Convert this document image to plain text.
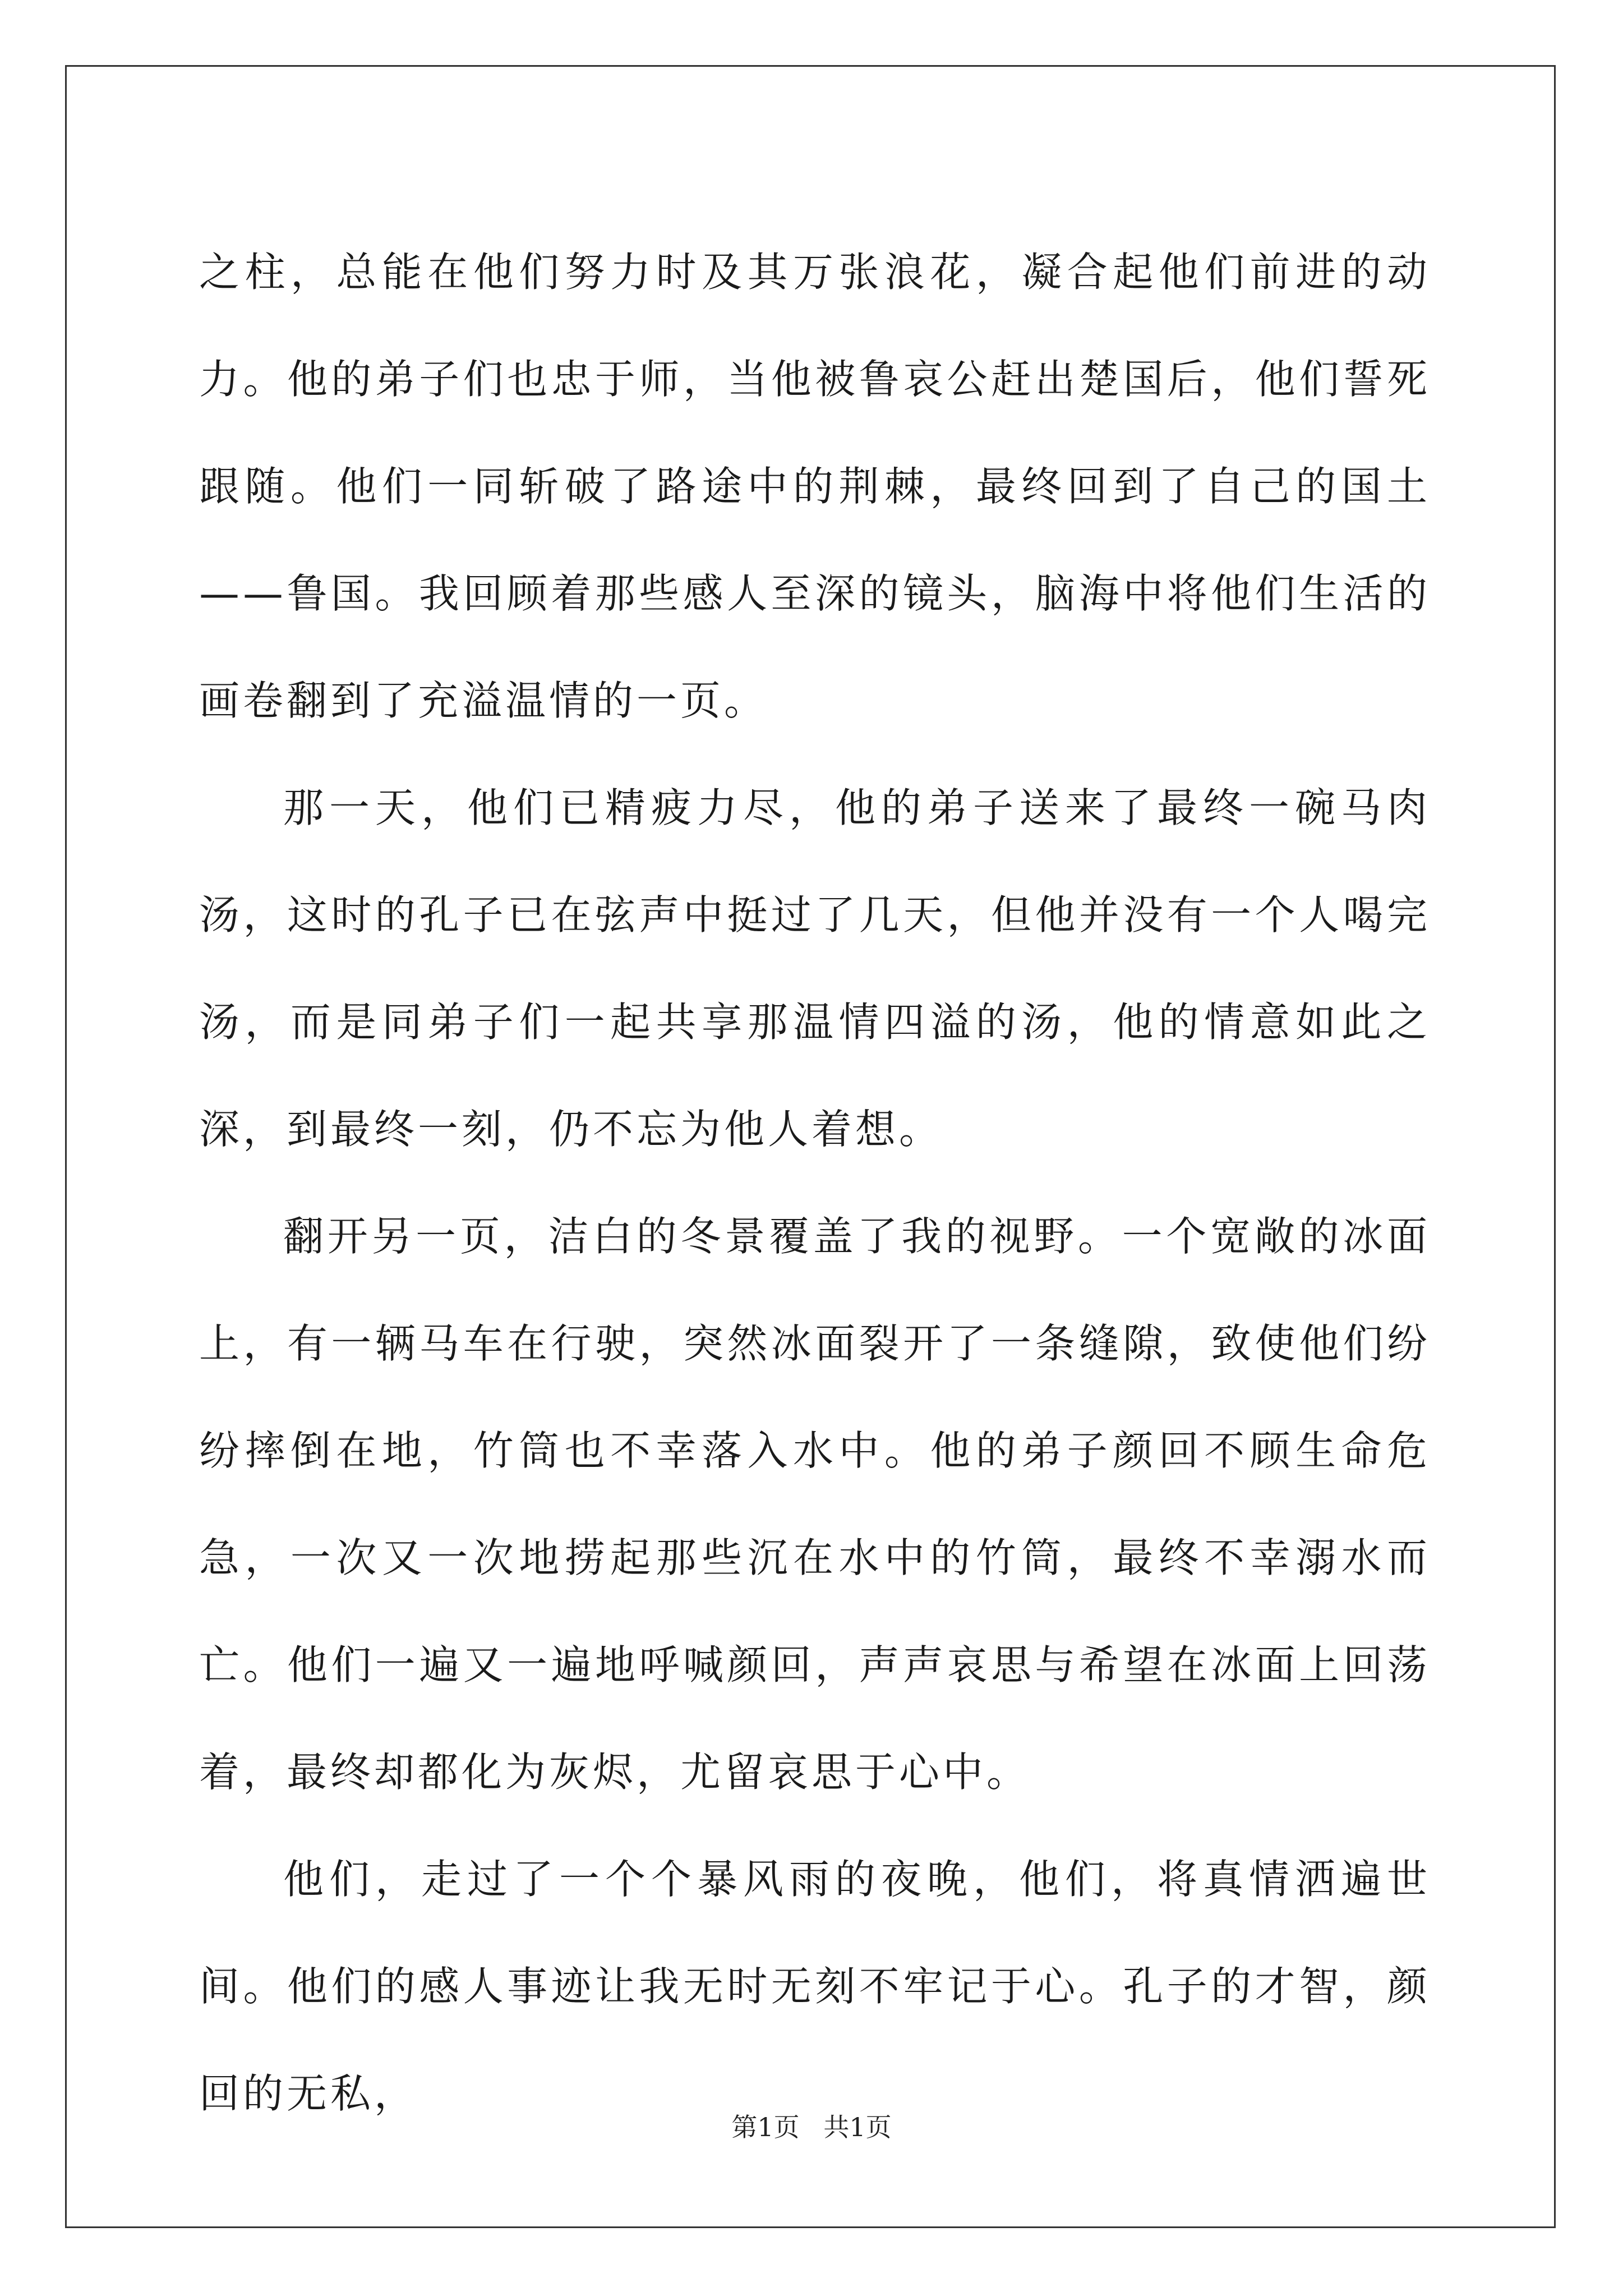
之柱，总能在他们努力时及其万张浪花，凝合起他们前进的动力。他的弟子们也忠于师，当他被鲁哀公赶出楚国后，他们誓死跟随。他们一同斩破了路途中的荆棘，最终回到了自己的国土——鲁国。我回顾着那些感人至深的镜头，脑海中将他们生活的画卷翻到了充溢温情的一页。

那一天，他们已精疲力尽，他的弟子送来了最终一碗马肉汤，这时的孔子已在弦声中挺过了几天，但他并没有一个人喝完汤，而是同弟子们一起共享那温情四溢的汤，他的情意如此之深，到最终一刻，仍不忘为他人着想。

翻开另一页，洁白的冬景覆盖了我的视野。一个宽敞的冰面上，有一辆马车在行驶，突然冰面裂开了一条缝隙，致使他们纷纷摔倒在地，竹筒也不幸落入水中。他的弟子颜回不顾生命危急，一次又一次地捞起那些沉在水中的竹筒，最终不幸溺水而亡。他们一遍又一遍地呼喊颜回，声声哀思与希望在冰面上回荡着，最终却都化为灰烬，尤留哀思于心中。

他们，走过了一个个暴风雨的夜晚，他们，将真情洒遍世间。他们的感人事迹让我无时无刻不牢记于心。孔子的才智，颜回的无私，

第1页 共1页
